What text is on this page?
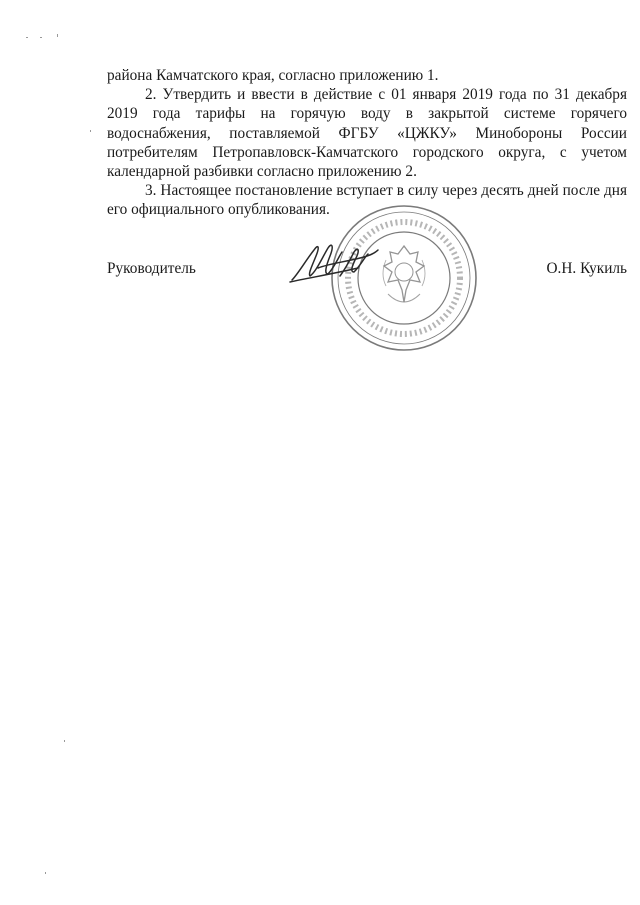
района Камчатского края, согласно приложению 1.

2. Утвердить и ввести в действие с 01 января 2019 года по 31 декабря 2019 года тарифы на горячую воду в закрытой системе горячего водоснабжения, поставляемой ФГБУ «ЦЖКУ» Минобороны России потребителям Петропавловск-Камчатского городского округа, с учетом календарной разбивки согласно приложению 2.

3. Настоящее постановление вступает в силу через десять дней после дня его официального опубликования.

Руководитель	О.Н. Кукиль
